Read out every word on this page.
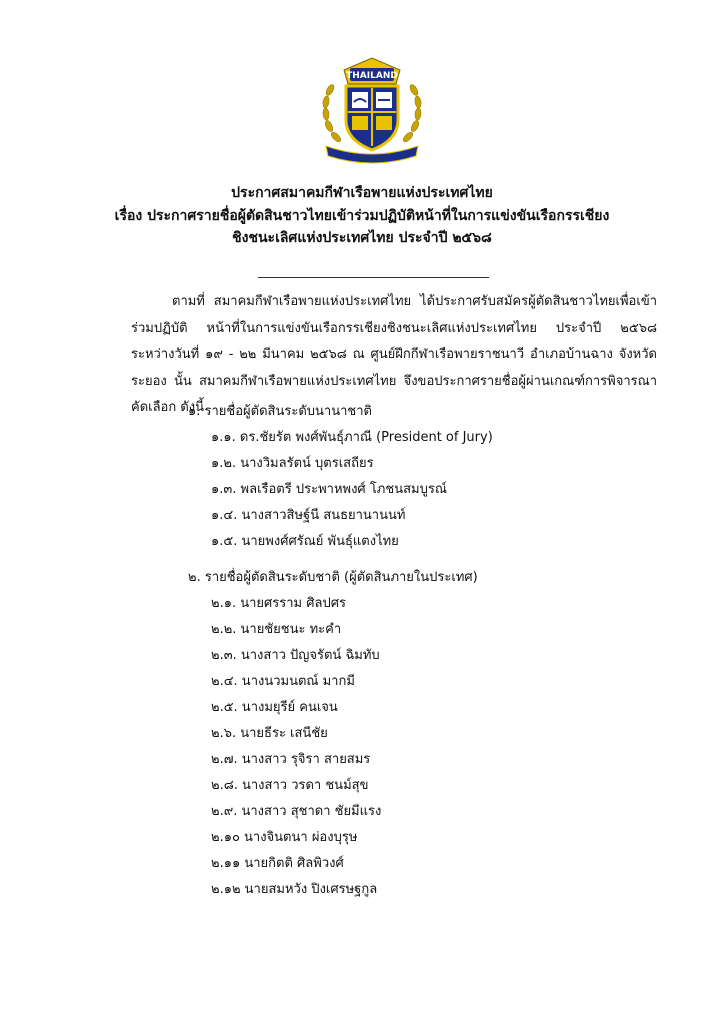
THAILAND
ประกาศสมาคมกีฬาเรือพายแห่งประเทศไทย
เรื่อง ประกาศรายชื่อผู้ตัดสินชาวไทยเข้าร่วมปฏิบัติหน้าที่ในการแข่งขันเรือกรรเชียง
ชิงชนะเลิศแห่งประเทศไทย ประจำปี ๒๕๖๘
ตามที่ สมาคมกีฬาเรือพายแห่งประเทศไทย ได้ประกาศรับสมัครผู้ตัดสินชาวไทยเพื่อเข้าร่วมปฏิบัติ หน้าที่ในการแข่งขันเรือกรรเชียงชิงชนะเลิศแห่งประเทศไทย ประจำปี ๒๕๖๘ ระหว่างวันที่ ๑๙ - ๒๒ มีนาคม ๒๕๖๘ ณ ศูนย์ฝึกกีฬาเรือพายราชนาวี อำเภอบ้านฉาง จังหวัดระยอง นั้น สมาคมกีฬาเรือพายแห่งประเทศไทย จึงขอประกาศรายชื่อผู้ผ่านเกณฑ์การพิจารณาคัดเลือก ดังนี้
๑. รายชื่อผู้ตัดสินระดับนานาชาติ
๑.๑. ดร.ชัยรัต พงศ์พันธุ์ภาณี (President of Jury)
๑.๒. นางวิมลรัตน์ บุตรเสถียร
๑.๓. พลเรือตรี ประพาหพงศ์ โภชนสมบูรณ์
๑.๔. นางสาวสิษฐ์นี สนธยานานนท์
๑.๕. นายพงศ์ศรัณย์ พันธุ์แตงไทย
๒. รายชื่อผู้ตัดสินระดับชาติ (ผู้ตัดสินภายในประเทศ)
๒.๑. นายศรราม ศิลปศร
๒.๒. นายชัยชนะ ทะคำ
๒.๓. นางสาว ปัญจรัตน์ ฉิมทับ
๒.๔. นางนวมนตณ์ มากมี
๒.๕. นางมยุรีย์ คนเจน
๒.๖. นายธีระ เสนีชัย
๒.๗. นางสาว รุจิรา สายสมร
๒.๘. นางสาว วรดา ชนม์สุข
๒.๙. นางสาว สุชาดา ชัยมีแรง
๒.๑๐ นางจินตนา ผ่องบุรุษ
๒.๑๑ นายกิตติ ศิลพิวงศ์
๒.๑๒ นายสมหวัง ปิงเศรษฐกูล
